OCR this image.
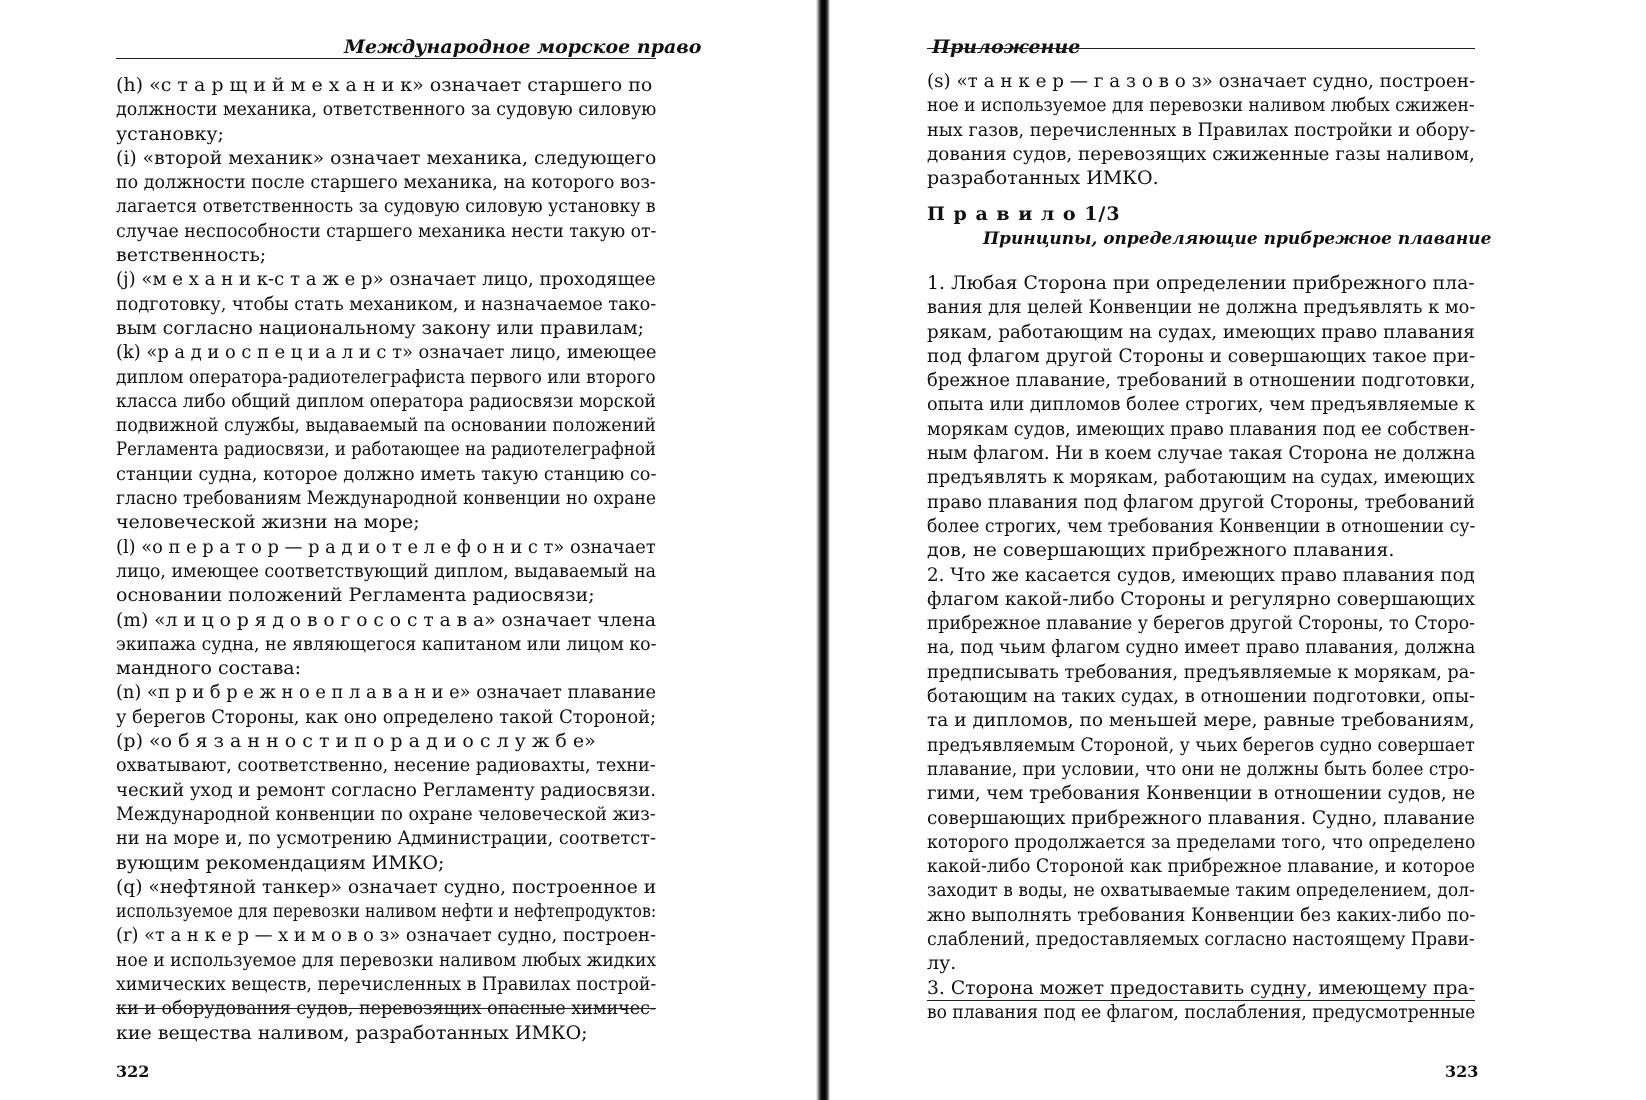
Международное морское право
(h) «с т а р щ и й м е х а н и к» означает старшего по
должности механика, ответственного за судовую силовую
установку;
(i) «второй механик» означает механика, следующего
по должности после старшего механика, на которого воз-
лагается ответственность за судовую силовую установку в
случае неспособности старшего механика нести такую от-
ветственность;
(j) «м е х а н и к-с т а ж е р» означает лицо, проходящее
подготовку, чтобы стать механиком, и назначаемое тако-
вым согласно национальному закону или правилам;
(k) «р а д и о с п е ц и а л и с т» означает лицо, имеющее
диплом оператора-радиотелеграфиста первого или второго
класса либо общий диплом оператора радиосвязи морской
подвижной службы, выдаваемый па основании положений
Регламента радиосвязи, и работающее на радиотелеграфной
станции судна, которое должно иметь такую станцию со-
гласно требованиям Международной конвенции но охране
человеческой жизни на море;
(l) «о п е р а т о р — р а д и о т е л е ф о н и с т» означает
лицо, имеющее соответствующий диплом, выдаваемый на
основании положений Регламента радиосвязи;
(m) «л и ц о р я д о в о г о с о с т а в а» означает члена
экипажа судна, не являющегося капитаном или лицом ко-
мандного состава:
(n) «п р и б р е ж н о е п л а в а н и е» означает плавание
у берегов Стороны, как оно определено такой Стороной;
(р) «о б я з а н н о с т и п о р а д и о с л у ж б е»
охватывают, соответственно, несение радиовахты, техни-
ческий уход и ремонт согласно Регламенту радиосвязи.
Международной конвенции по охране человеческой жиз-
ни на море и, по усмотрению Администрации, соответст-
вующим рекомендациям ИМКО;
(q) «нефтяной танкер» означает судно, построенное и
используемое для перевозки наливом нефти и нефтепродуктов:
(r) «т а н к е р — х и м о в о з» означает судно, построен-
ное и используемое для перевозки наливом любых жидких
химических веществ, перечисленных в Правилах построй-
ки и оборудования судов, перевозящих опасные химичес-
кие вещества наливом, разработанных ИМКО;
322
Приложение
(s) «т а н к е р — г а з о в о з» означает судно, построен-
ное и используемое для перевозки наливом любых сжижен-
ных газов, перечисленных в Правилах постройки и обору-
дования судов, перевозящих сжиженные газы наливом,
разработанных ИМКО.
П р а в и л о 1/3
Принципы, определяющие прибрежное плавание
1. Любая Сторона при определении прибрежного пла-
вания для целей Конвенции не должна предъявлять к мо-
рякам, работающим на судах, имеющих право плавания
под флагом другой Стороны и совершающих такое при-
брежное плавание, требований в отношении подготовки,
опыта или дипломов более строгих, чем предъявляемые к
морякам судов, имеющих право плавания под ее собствен-
ным флагом. Ни в коем случае такая Сторона не должна
предъявлять к морякам, работающим на судах, имеющих
право плавания под флагом другой Стороны, требований
более строгих, чем требования Конвенции в отношении су-
дов, не совершающих прибрежного плавания.
2. Что же касается судов, имеющих право плавания под
флагом какой-либо Стороны и регулярно совершающих
прибрежное плавание у берегов другой Стороны, то Сторо-
на, под чьим флагом судно имеет право плавания, должна
предписывать требования, предъявляемые к морякам, ра-
ботающим на таких судах, в отношении подготовки, опы-
та и дипломов, по меньшей мере, равные требованиям,
предъявляемым Стороной, у чьих берегов судно совершает
плавание, при условии, что они не должны быть более стро-
гими, чем требования Конвенции в отношении судов, не
совершающих прибрежного плавания. Судно, плавание
которого продолжается за пределами того, что определено
какой-либо Стороной как прибрежное плавание, и которое
заходит в воды, не охватываемые таким определением, дол-
жно выполнять требования Конвенции без каких-либо по-
слаблений, предоставляемых согласно настоящему Прави-
лу.
3. Сторона может предоставить судну, имеющему пра-
во плавания под ее флагом, послабления, предусмотренные
323
